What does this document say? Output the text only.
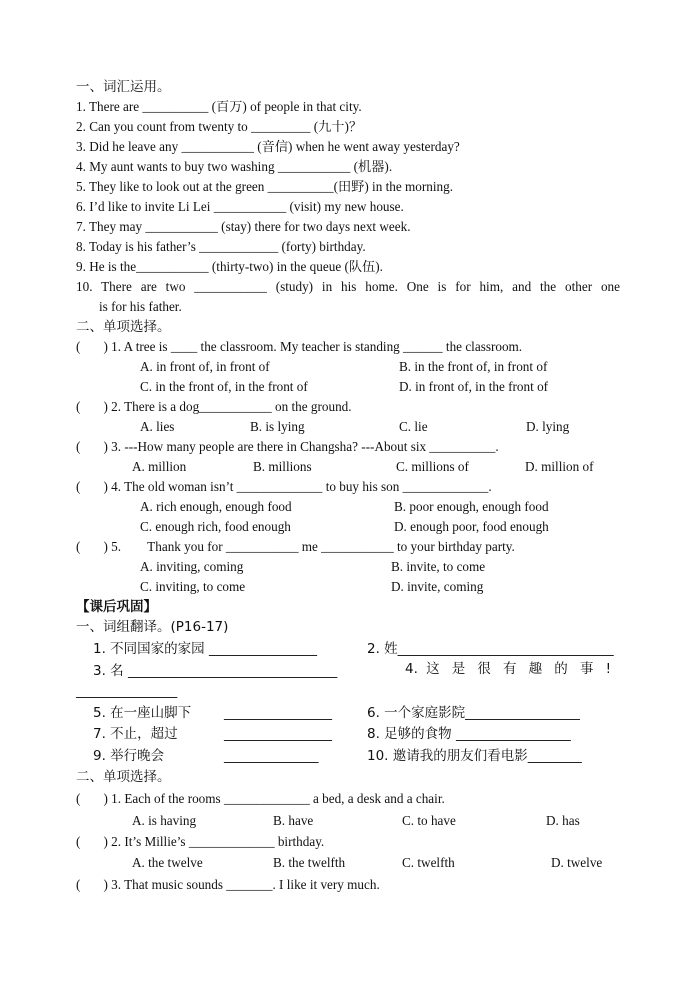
一、词汇运用。
1. There are __________ (百万) of people in that city.
2. Can you count from twenty to _________ (九十)？
3. Did he leave any ___________ (音信) when he went away yesterday?
4. My aunt wants to buy two washing ___________ (机器).
5. They like to look out at the green __________(田野) in the morning.
6. I’d like to invite Li Lei ___________ (visit) my new house.
7. They may ___________ (stay) there for two days next week.
8. Today is his father’s ____________ (forty) birthday.
9. He is the___________ (thirty-two) in the queue (队伍).
10. There are two ___________ (study) in his home. One is for him, and the other one
is for his father.
二、单项选择。
(       ) 1. A tree is ____ the classroom. My teacher is standing ______ the classroom.
A. in front of, in front of	B. in the front of, in front of
C. in the front of, in the front of	D. in front of, in the front of
(       ) 2. There is a dog___________ on the ground.
A. lies	B. is lying	C. lie	D. lying
(       ) 3. ---How many people are there in Changsha? ---About six __________.
A. million	B. millions	C. millions of	D. million of
(       ) 4. The old woman isn’t _____________ to buy his son _____________.
A. rich enough, enough food	B. poor enough, enough food
C. enough rich, food enough	D. enough poor, food enough
(       ) 5.        Thank you for ___________ me ___________ to your birthday party.
A. inviting, coming	B. invite, to come
C. inviting, to come	D. invite, coming
【课后巩固】
一、词组翻译。(P16-17)
1. 不同国家的家园 ________________	2. 姓________________________________
3. 名 _______________________________	4. 这 是 很 有 趣 的 事 !
_______________
5. 在一座山脚下 ________________	6. 一个家庭影院_________________
7. 不止，超过	________________	8. 足够的食物 _________________
9. 举行晚会	______________	10. 邀请我的朋友们看电影________
二、单项选择。
(       ) 1. Each of the rooms _____________ a bed, a desk and a chair.
A. is having	B. have	C. to have	D. has
(       ) 2. It’s Millie’s _____________ birthday.
A. the twelve	B. the twelfth	C. twelfth	D. twelve
(       ) 3. That music sounds _______. I like it very much.
